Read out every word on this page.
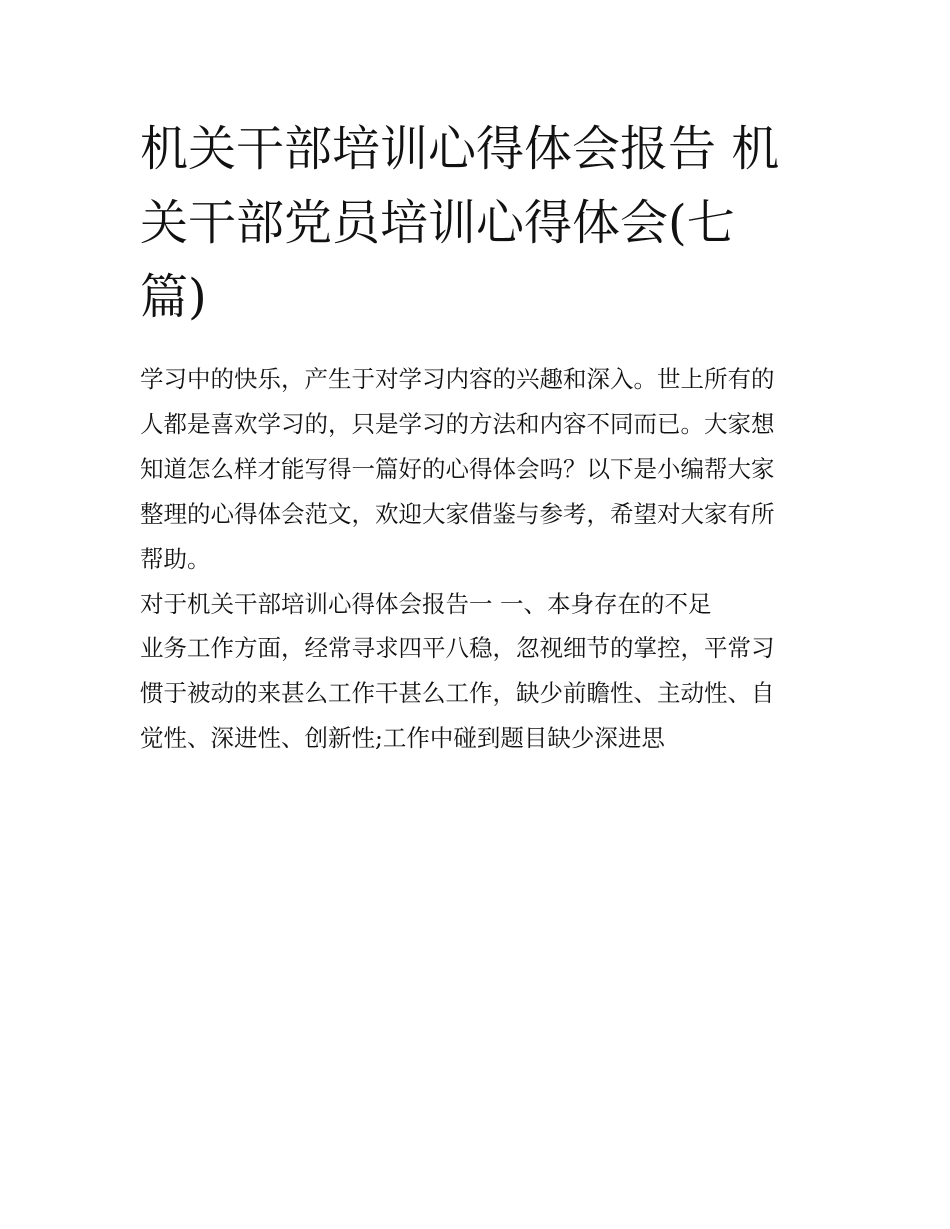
机关干部培训心得体会报告 机
关干部党员培训心得体会(七
篇)
学习中的快乐，产生于对学习内容的兴趣和深入。世上所有的
人都是喜欢学习的，只是学习的方法和内容不同而已。大家想
知道怎么样才能写得一篇好的心得体会吗？以下是小编帮大家
整理的心得体会范文，欢迎大家借鉴与参考，希望对大家有所
帮助。
对于机关干部培训心得体会报告一 一、本身存在的不足
业务工作方面，经常寻求四平八稳，忽视细节的掌控，平常习
惯于被动的来甚么工作干甚么工作，缺少前瞻性、主动性、自
觉性、深进性、创新性;工作中碰到题目缺少深进思
